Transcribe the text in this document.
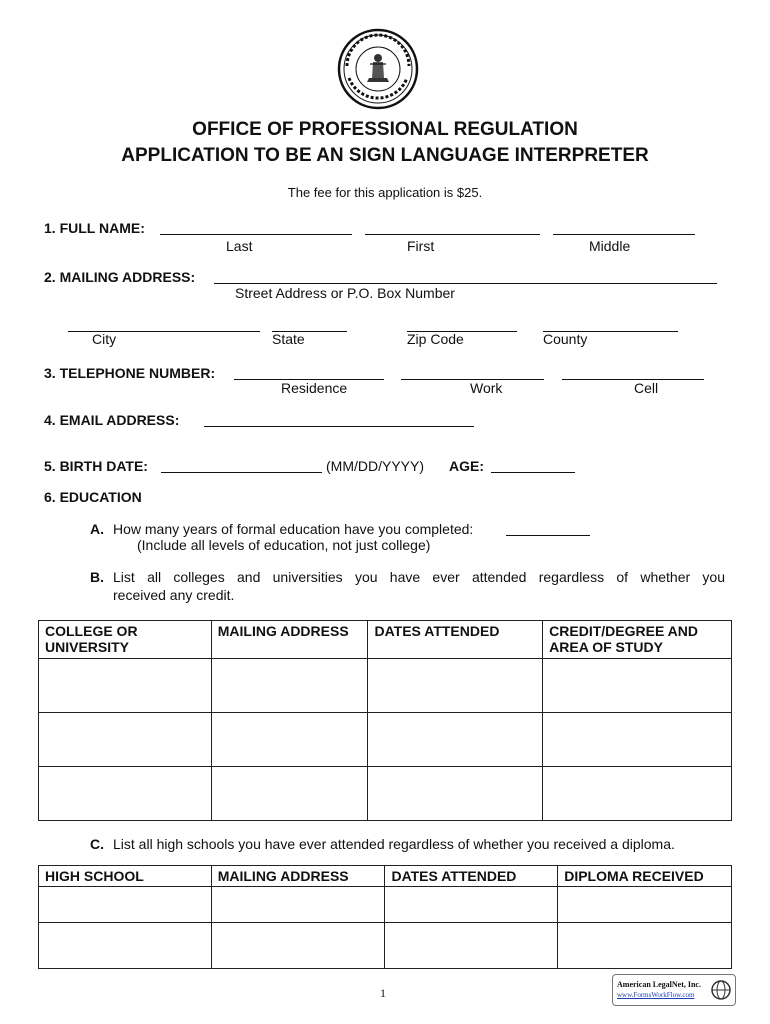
OFFICE OF PROFESSIONAL REGULATION
APPLICATION TO BE AN SIGN LANGUAGE INTERPRETER
The fee for this application is $25.
1. FULL NAME:
Last	First	Middle
2. MAILING ADDRESS:
Street Address or P.O. Box Number
City	State	Zip Code	County
3. TELEPHONE NUMBER:
Residence	Work	Cell
4. EMAIL ADDRESS:
5. BIRTH DATE:	(MM/DD/YYYY) AGE:
6. EDUCATION
A. How many years of formal education have you completed:
(Include all levels of education, not just college)
B. List all colleges and universities you have ever attended regardless of whether you
received any credit.
COLLEGE OR UNIVERSITY	MAILING ADDRESS	DATES ATTENDED	CREDIT/DEGREE AND AREA OF STUDY

C. List all high schools you have ever attended regardless of whether you received a diploma.
HIGH SCHOOL	MAILING ADDRESS	DATES ATTENDED	DIPLOMA RECEIVED

1
American LegalNet, Inc.
www.FormsWorkFlow.com
